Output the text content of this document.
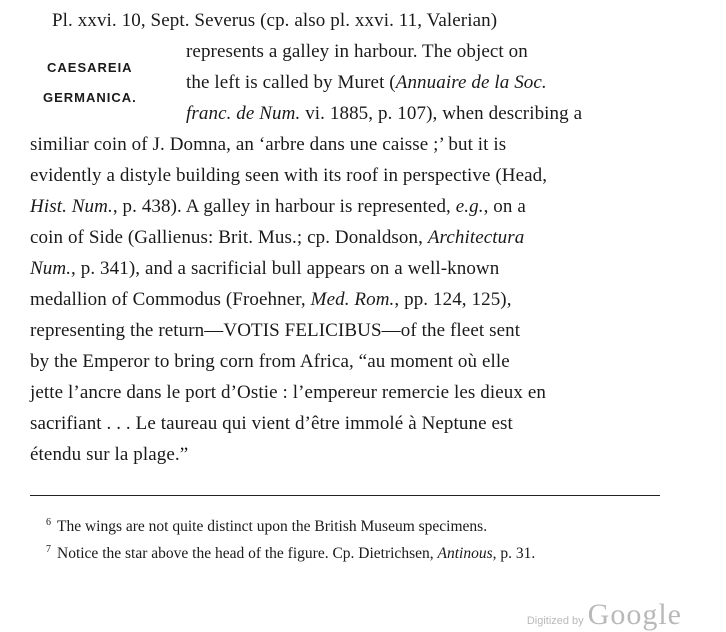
CAESAREIA
GERMANICA.
Pl. xxvi. 10, Sept. Severus (cp. also pl. xxvi. 11, Valerian)
represents a galley in harbour. The object on
the left is called by Muret (Annuaire de la Soc.
franc. de Num. vi. 1885, p. 107), when describing a
similiar coin of J. Domna, an ‘arbre dans une caisse ;’ but it is
evidently a distyle building seen with its roof in perspective (Head,
Hist. Num., p. 438). A galley in harbour is represented, e.g., on a
coin of Side (Gallienus: Brit. Mus.; cp. Donaldson, Architectura
Num., p. 341), and a sacrificial bull appears on a well-known
medallion of Commodus (Froehner, Med. Rom., pp. 124, 125),
representing the return—VOTIS FELICIBUS—of the fleet sent
by the Emperor to bring corn from Africa, “au moment où elle
jette l’ancre dans le port d’Ostie : l’empereur remercie les dieux en
sacrifiant . . . Le taureau qui vient d’être immolé à Neptune est
étendu sur la plage.”
$^6$ The wings are not quite distinct upon the British Museum specimens.
$^7$ Notice the star above the head of the figure. Cp. Dietrichsen, Antinous, p. 31.
Digitized by Google
